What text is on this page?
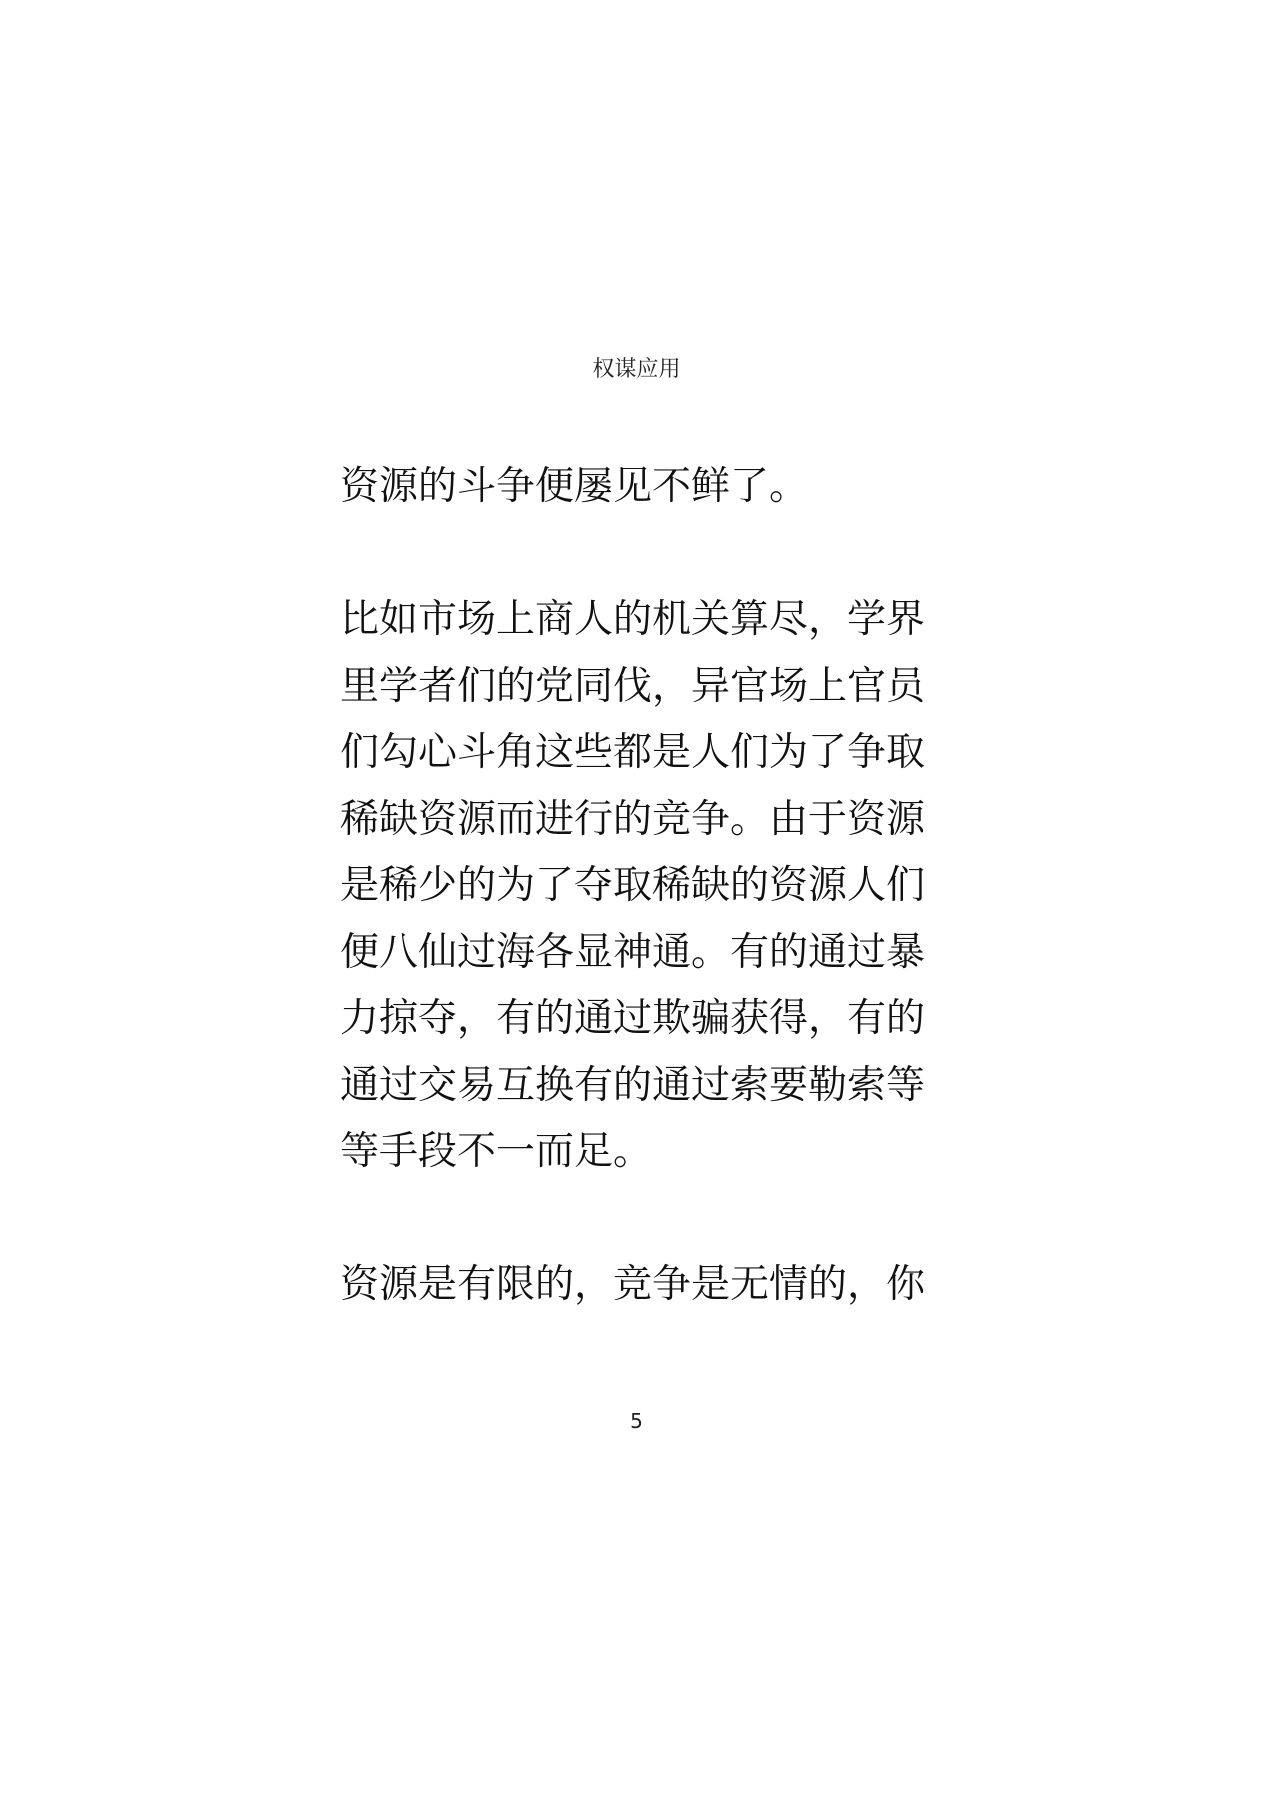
权谋应用
资源的斗争便屡见不鲜了。
比如市场上商人的机关算尽，学界
里学者们的党同伐，异官场上官员
们勾心斗角这些都是人们为了争取
稀缺资源而进行的竞争。由于资源
是稀少的为了夺取稀缺的资源人们
便八仙过海各显神通。有的通过暴
力掠夺，有的通过欺骗获得，有的
通过交易互换有的通过索要勒索等
等手段不一而足。
资源是有限的，竞争是无情的，你
5
